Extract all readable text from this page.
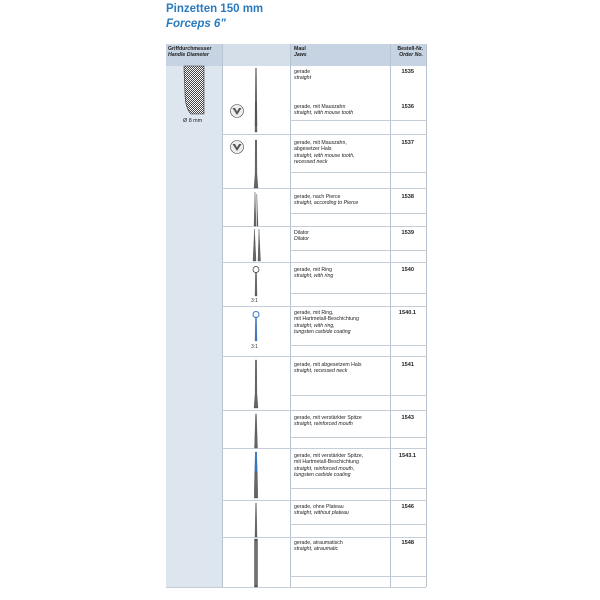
Pinzetten 150 mm
Forceps 6"
Griffdurchmesser
Handle Diameter
Maul
Jaws
Bestell-Nr.
Order No.
Ø 8 mm
3:1
3:1
gerade
straight
1535
gerade, mit Mauszahn
straight, with mouse tooth
1536
gerade, mit Mauszahn,
abgesetzer Hals
straight, with mouse tooth,
recessed neck
1537
gerade, nach Pierce
straight, according to Pierce
1538
Dilator
Dilator
1539
gerade, mit Ring
straight, with ring
1540
gerade, mit Ring,
mit Hartmetall-Beschichtung
straight, with ring,
tungsten carbide coating
1540.1
gerade, mit abgesetzem Hals
straight, recessed neck
1541
gerade, mit verstärkter Spitze
straight, reinforced mouth
1543
gerade, mit verstärkter Spitze,
mit Hartmetall-Beschichtung
straight, reinforced mouth,
tungsten carbide coating
1543.1
gerade, ohne Plateau
straight, without plateau
1546
gerade, atraumatisch
straight, atraumatic
1548
